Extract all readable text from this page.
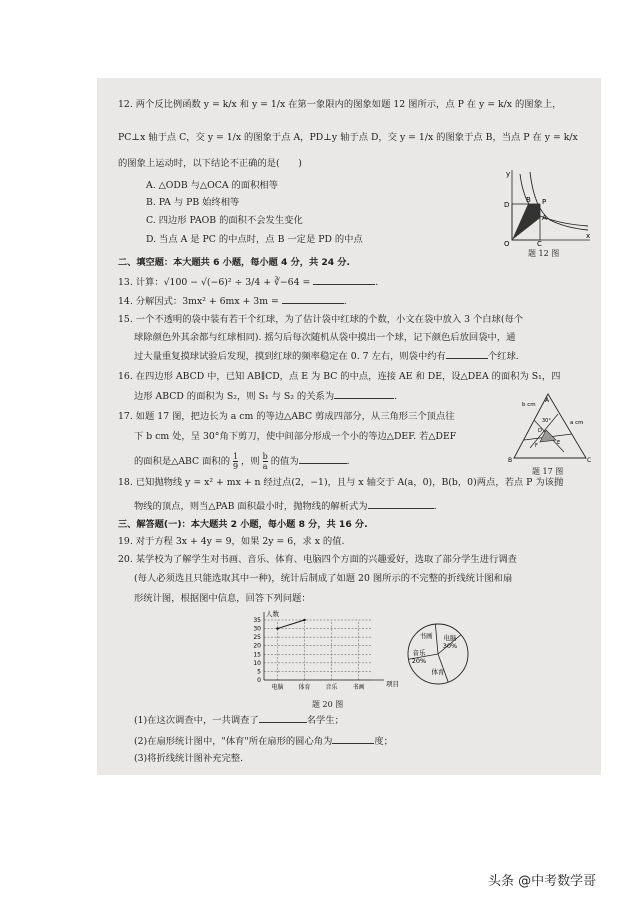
12. 两个反比例函数 y = k/x 和 y = 1/x 在第一象限内的图象如题 12 图所示，点 P 在 y = k/x 的图象上，
PC⊥x 轴于点 C，交 y = 1/x 的图象于点 A，PD⊥y 轴于点 D，交 y = 1/x 的图象于点 B，当点 P 在 y = k/x
的图象上运动时，以下结论不正确的是(　　)
A. △ODB 与△OCA 的面积相等
B. PA 与 PB 始终相等
C. 四边形 PAOB 的面积不会发生变化
D. 当点 A 是 PC 的中点时，点 B 一定是 PD 的中点
y
x
O	C
D	P
A
B
题 12 图
二、填空题：本大题共 6 小题，每小题 4 分，共 24 分.
13. 计算：√100 − √(−6)² ÷ 3/4 + ∛−64 =	.
14. 分解因式：3mx² + 6mx + 3m =	.
15. 一个不透明的袋中装有若干个红球，为了估计袋中红球的个数，小文在袋中放入 3 个白球(每个
球除颜色外其余都与红球相同). 摇匀后每次随机从袋中摸出一个球，记下颜色后放回袋中，通
过大量重复摸球试验后发现，摸到红球的频率稳定在 0. 7 左右，则袋中约有	个红球.
16. 在四边形 ABCD 中，已知 AB∥CD，点 E 为 BC 的中点，连接 AE 和 DE，设△DEA 的面积为 S₁，四
边形 ABCD 的面积为 S₂，则 S₁ 与 S₂ 的关系为	.
17. 如题 17 图，把边长为 a cm 的等边△ABC 剪成四部分，从三角形三个顶点往
下 b cm 处，呈 30°角下剪刀，使中间部分形成一个小的等边△DEF. 若△DEF
的面积是△ABC 面积的 $\frac{1}{9}$ ，则 $\frac{b}{a}$ 的值为	.
A
B	C
D
E
F
b cm
a cm
30°
题 17 图
18. 已知抛物线 y = x² + mx + n 经过点(2，−1)，且与 x 轴交于 A(a，0)，B(b，0)两点，若点 P 为该抛
物线的顶点，则当△PAB 面积最小时，抛物线的解析式为	.
三、解答题(一)：本大题共 2 小题，每小题 8 分，共 16 分.
19. 对于方程 3x + 4y = 9，如果 2y = 6，求 x 的值.
20. 某学校为了解学生对书画、音乐、体育、电脑四个方面的兴趣爱好，选取了部分学生进行调查
(每人必须选且只能选取其中一种)，统计后制成了如题 20 图所示的不完整的折线统计图和扇
形统计图，根据图中信息，回答下列问题：
0
5
10
15
20
25
30
35
电脑 体育 音乐 书画
人数
项目
书画 电脑
30%
体育
音乐
20%
题 20 图
(1)在这次调查中，一共调查了	名学生；
(2)在扇形统计图中，"体育"所在扇形的圆心角为	度；
(3)将折线统计图补充完整.
头条 @中考数学哥
